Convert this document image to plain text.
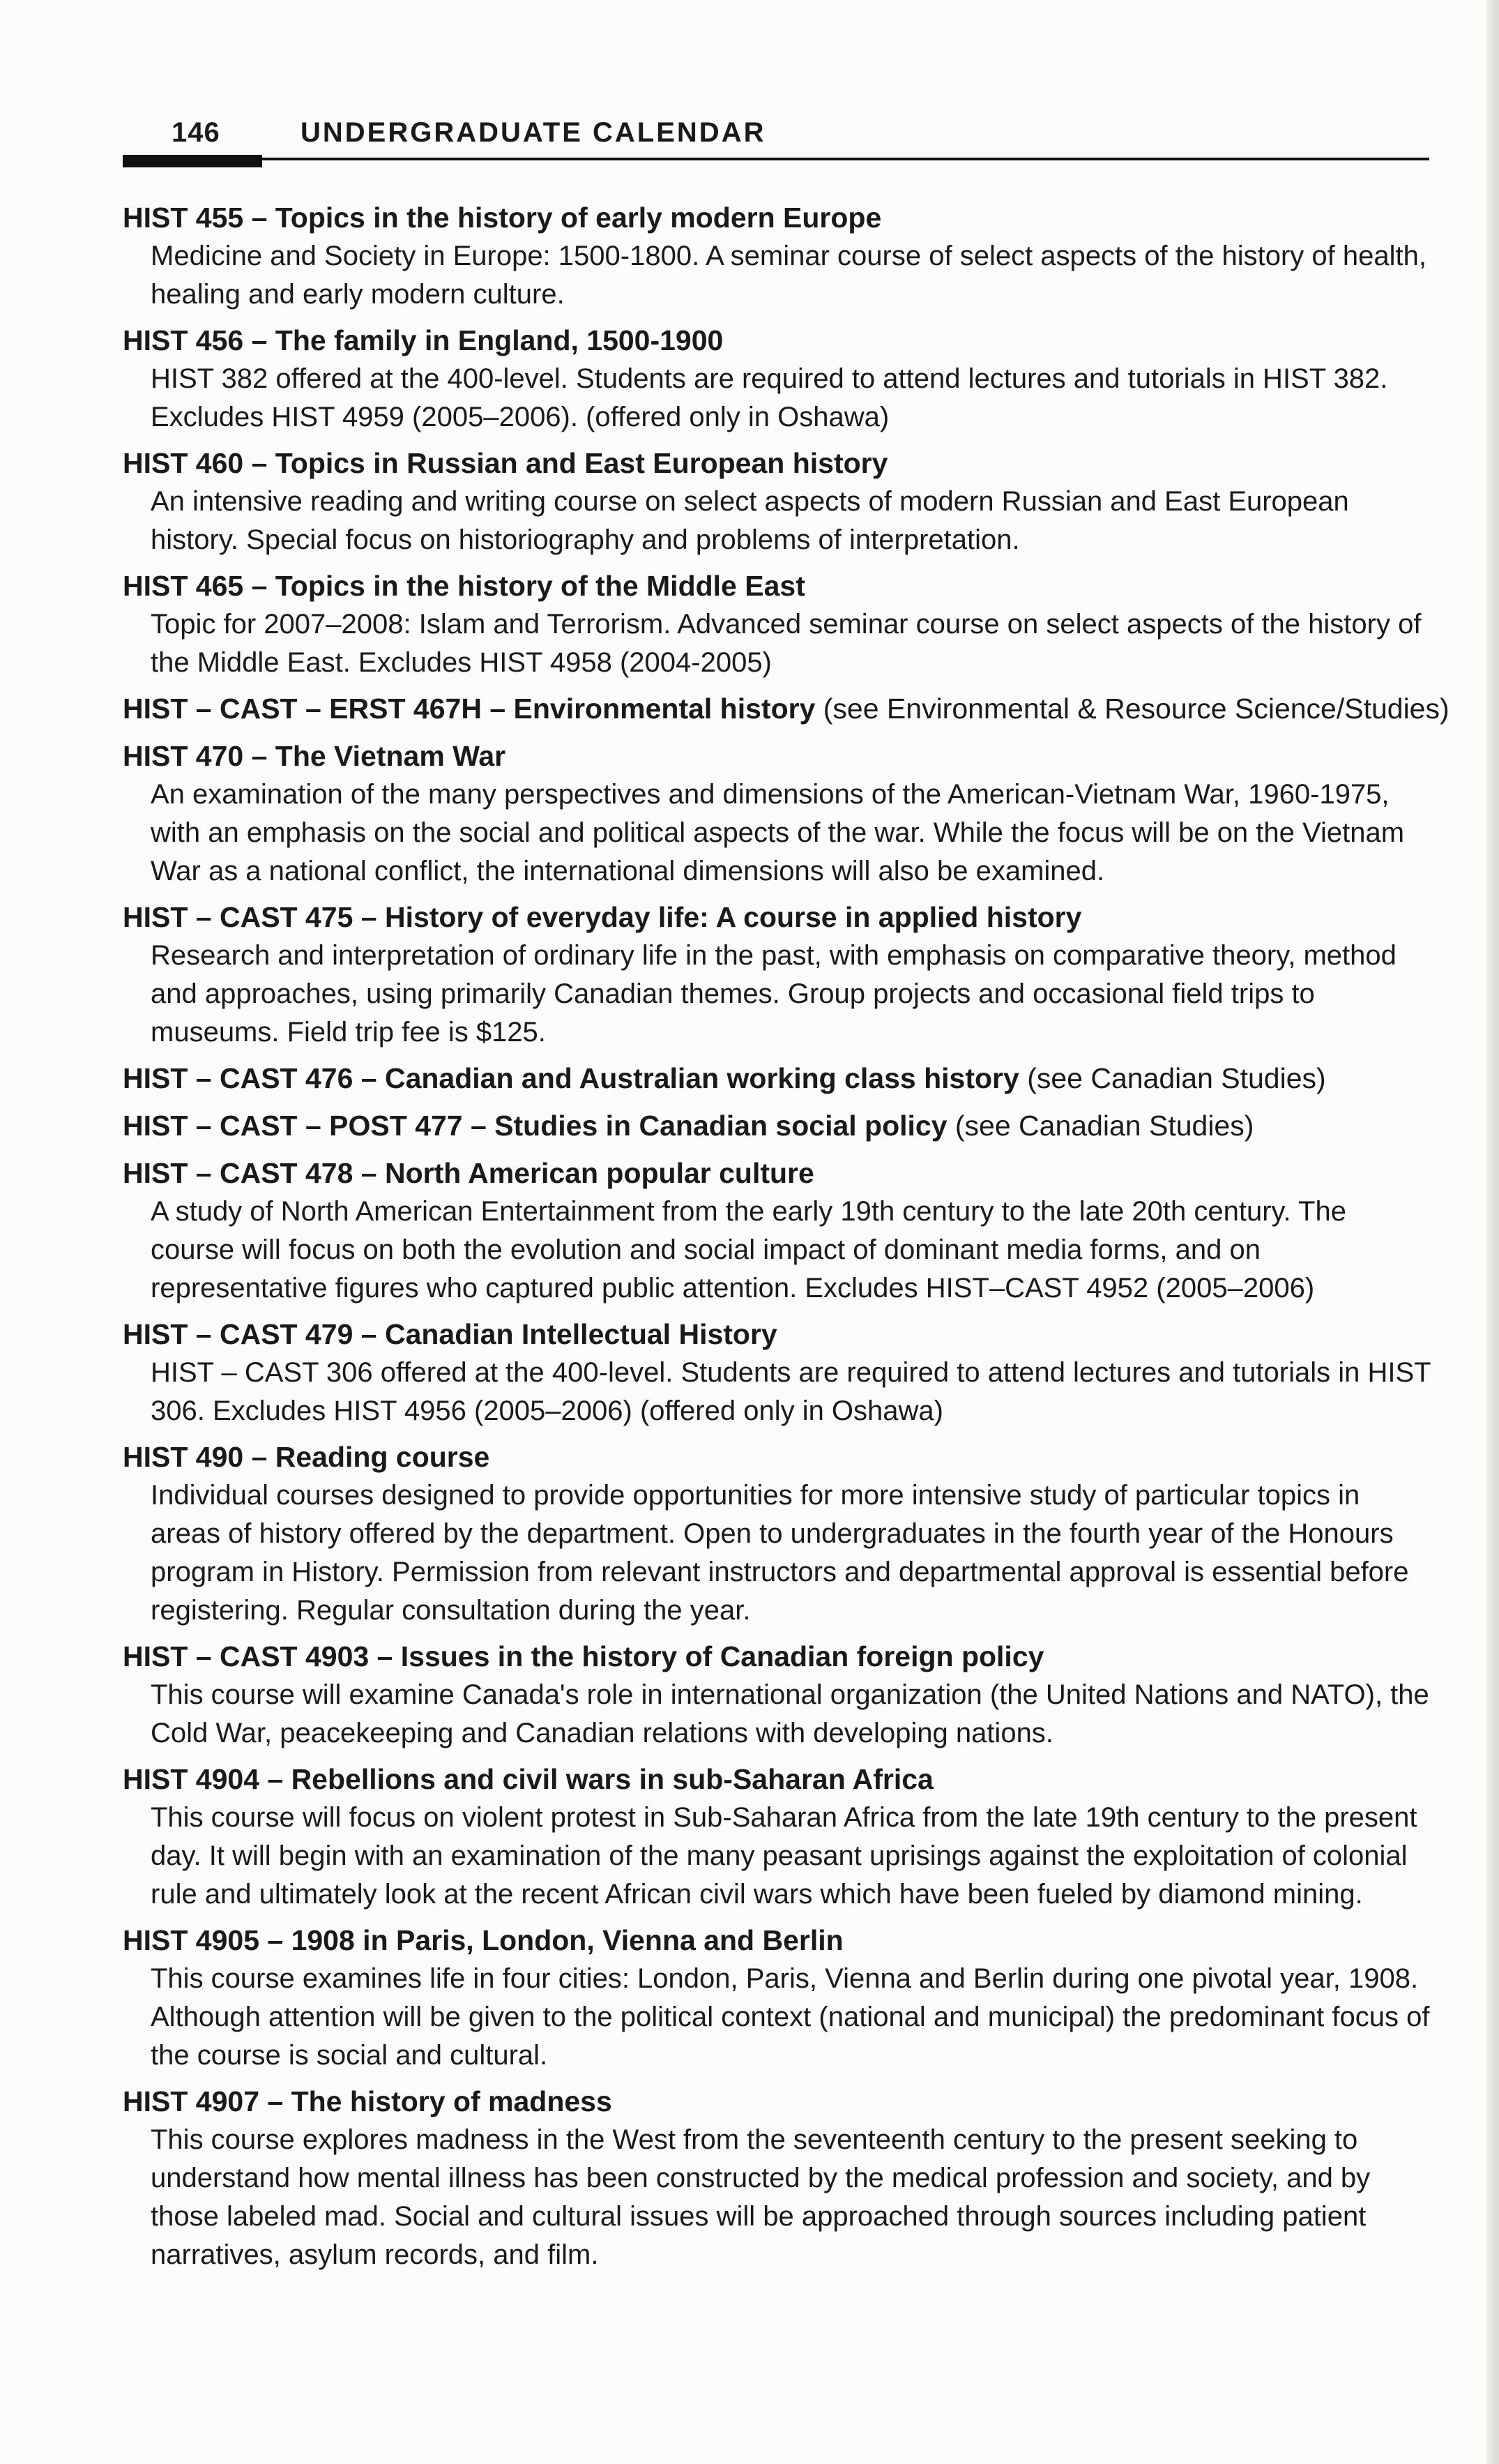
146	UNDERGRADUATE CALENDAR
HIST 455 – Topics in the history of early modern Europe
Medicine and Society in Europe: 1500-1800. A seminar course of select aspects of the history of health, healing and early modern culture.
HIST 456 – The family in England, 1500-1900
HIST 382 offered at the 400-level. Students are required to attend lectures and tutorials in HIST 382. Excludes HIST 4959 (2005–2006). (offered only in Oshawa)
HIST 460 – Topics in Russian and East European history
An intensive reading and writing course on select aspects of modern Russian and East European history. Special focus on historiography and problems of interpretation.
HIST 465 – Topics in the history of the Middle East
Topic for 2007–2008: Islam and Terrorism. Advanced seminar course on select aspects of the history of the Middle East. Excludes HIST 4958 (2004-2005)
HIST – CAST – ERST 467H – Environmental history (see Environmental & Resource Science/Studies)
HIST 470 – The Vietnam War
An examination of the many perspectives and dimensions of the American-Vietnam War, 1960-1975, with an emphasis on the social and political aspects of the war. While the focus will be on the Vietnam War as a national conflict, the international dimensions will also be examined.
HIST – CAST 475 – History of everyday life: A course in applied history
Research and interpretation of ordinary life in the past, with emphasis on comparative theory, method and approaches, using primarily Canadian themes. Group projects and occasional field trips to museums. Field trip fee is $125.
HIST – CAST 476 – Canadian and Australian working class history (see Canadian Studies)
HIST – CAST – POST 477 – Studies in Canadian social policy (see Canadian Studies)
HIST – CAST 478 – North American popular culture
A study of North American Entertainment from the early 19th century to the late 20th century. The course will focus on both the evolution and social impact of dominant media forms, and on representative figures who captured public attention. Excludes HIST–CAST 4952 (2005–2006)
HIST – CAST 479 – Canadian Intellectual History
HIST – CAST 306 offered at the 400-level. Students are required to attend lectures and tutorials in HIST 306. Excludes HIST 4956 (2005–2006) (offered only in Oshawa)
HIST 490 – Reading course
Individual courses designed to provide opportunities for more intensive study of particular topics in areas of history offered by the department. Open to undergraduates in the fourth year of the Honours program in History. Permission from relevant instructors and departmental approval is essential before registering. Regular consultation during the year.
HIST – CAST 4903 – Issues in the history of Canadian foreign policy
This course will examine Canada's role in international organization (the United Nations and NATO), the Cold War, peacekeeping and Canadian relations with developing nations.
HIST 4904 – Rebellions and civil wars in sub-Saharan Africa
This course will focus on violent protest in Sub-Saharan Africa from the late 19th century to the present day. It will begin with an examination of the many peasant uprisings against the exploitation of colonial rule and ultimately look at the recent African civil wars which have been fueled by diamond mining.
HIST 4905 – 1908 in Paris, London, Vienna and Berlin
This course examines life in four cities: London, Paris, Vienna and Berlin during one pivotal year, 1908. Although attention will be given to the political context (national and municipal) the predominant focus of the course is social and cultural.
HIST 4907 – The history of madness
This course explores madness in the West from the seventeenth century to the present seeking to understand how mental illness has been constructed by the medical profession and society, and by those labeled mad. Social and cultural issues will be approached through sources including patient narratives, asylum records, and film.
